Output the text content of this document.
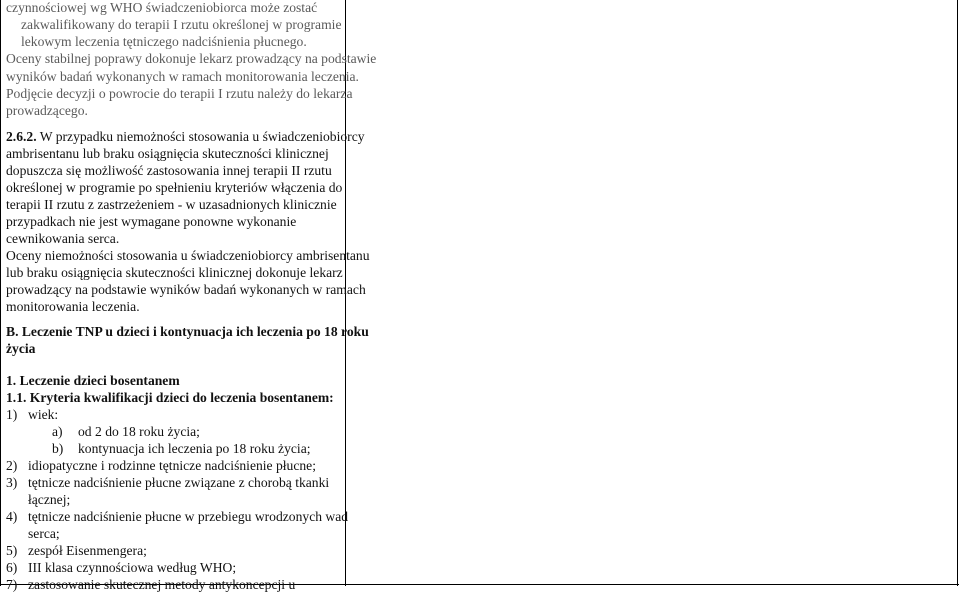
czynnościowej wg WHO świadczeniobiorca może zostać

zakwalifikowany do terapii I rzutu określonej w programie

lekowym leczenia tętniczego nadciśnienia płucnego.

Oceny stabilnej poprawy dokonuje lekarz prowadzący na podstawie

wyników badań wykonanych w ramach monitorowania leczenia.

Podjęcie decyzji o powrocie do terapii I rzutu należy do lekarza

prowadzącego.

2.6.2. W przypadku niemożności stosowania u świadczeniobiorcy

ambrisentanu lub braku osiągnięcia skuteczności klinicznej

dopuszcza się możliwość zastosowania innej terapii II rzutu

określonej w programie po spełnieniu kryteriów włączenia do

terapii II rzutu z zastrzeżeniem - w uzasadnionych klinicznie

przypadkach nie jest wymagane ponowne wykonanie

cewnikowania serca.

Oceny niemożności stosowania u świadczeniobiorcy ambrisentanu

lub braku osiągnięcia skuteczności klinicznej dokonuje lekarz

prowadzący na podstawie wyników badań wykonanych w ramach

monitorowania leczenia.

B. Leczenie TNP u dzieci i kontynuacja ich leczenia po 18 roku

życia

1. Leczenie dzieci bosentanem

1.1. Kryteria kwalifikacji dzieci do leczenia bosentanem:

1) wiek:
a)	od 2 do 18 roku życia;
b)	kontynuacja ich leczenia po 18 roku życia;
2) idiopatyczne i rodzinne tętnicze nadciśnienie płucne;
3) tętnicze nadciśnienie płucne związane z chorobą tkanki

łącznej;

4) tętnicze nadciśnienie płucne w przebiegu wrodzonych wad

serca;

5) zespół Eisenmengera;
6) III klasa czynnościowa według WHO;
7) zastosowanie skutecznej metody antykoncepcji u
